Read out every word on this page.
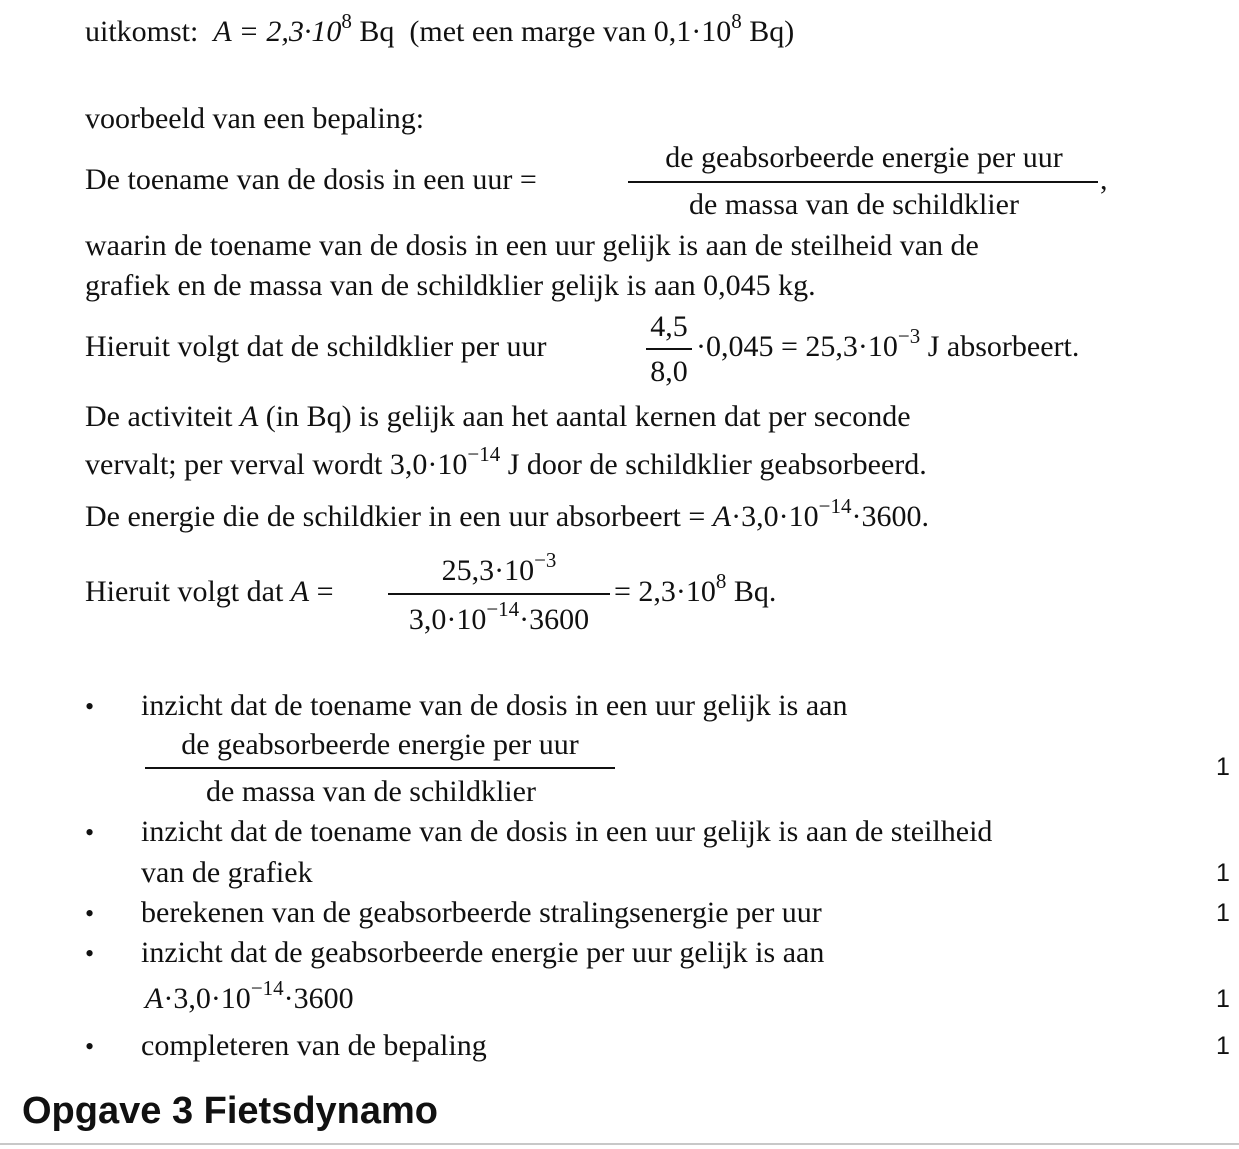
uitkomst: $A = 2,3\cdot 10^8$ Bq (met een marge van $0,1\cdot 10^8$ Bq)
voorbeeld van een bepaling:
De toename van de dosis in een uur =
de geabsorbeerde energie per uur
de massa van de schildklier
,
waarin de toename van de dosis in een uur gelijk is aan de steilheid van de
grafiek en de massa van de schildklier gelijk is aan 0,045 kg.
Hieruit volgt dat de schildklier per uur
4,5
8,0
$\cdot 0,045 = 25,3\cdot 10^{-3}$ J absorbeert.
De activiteit A (in Bq) is gelijk aan het aantal kernen dat per seconde
vervalt; per verval wordt $3,0\cdot 10^{-14}$ J door de schildklier geabsorbeerd.
De energie die de schildkier in een uur absorbeert = $A\cdot 3,0\cdot 10^{-14}\cdot 3600$.
Hieruit volgt dat A =
$25,3\cdot 10^{-3}$
$3,0\cdot 10^{-14}\cdot 3600$
= $2,3\cdot 10^8$ Bq.
• inzicht dat de toename van de dosis in een uur gelijk is aan
de geabsorbeerde energie per uur
de massa van de schildklier
1
• inzicht dat de toename van de dosis in een uur gelijk is aan de steilheid
van de grafiek	1
• berekenen van de geabsorbeerde stralingsenergie per uur	1
• inzicht dat de geabsorbeerde energie per uur gelijk is aan
$A\cdot 3,0\cdot 10^{-14}\cdot 3600$	1
• completeren van de bepaling	1
Opgave 3 Fietsdynamo
